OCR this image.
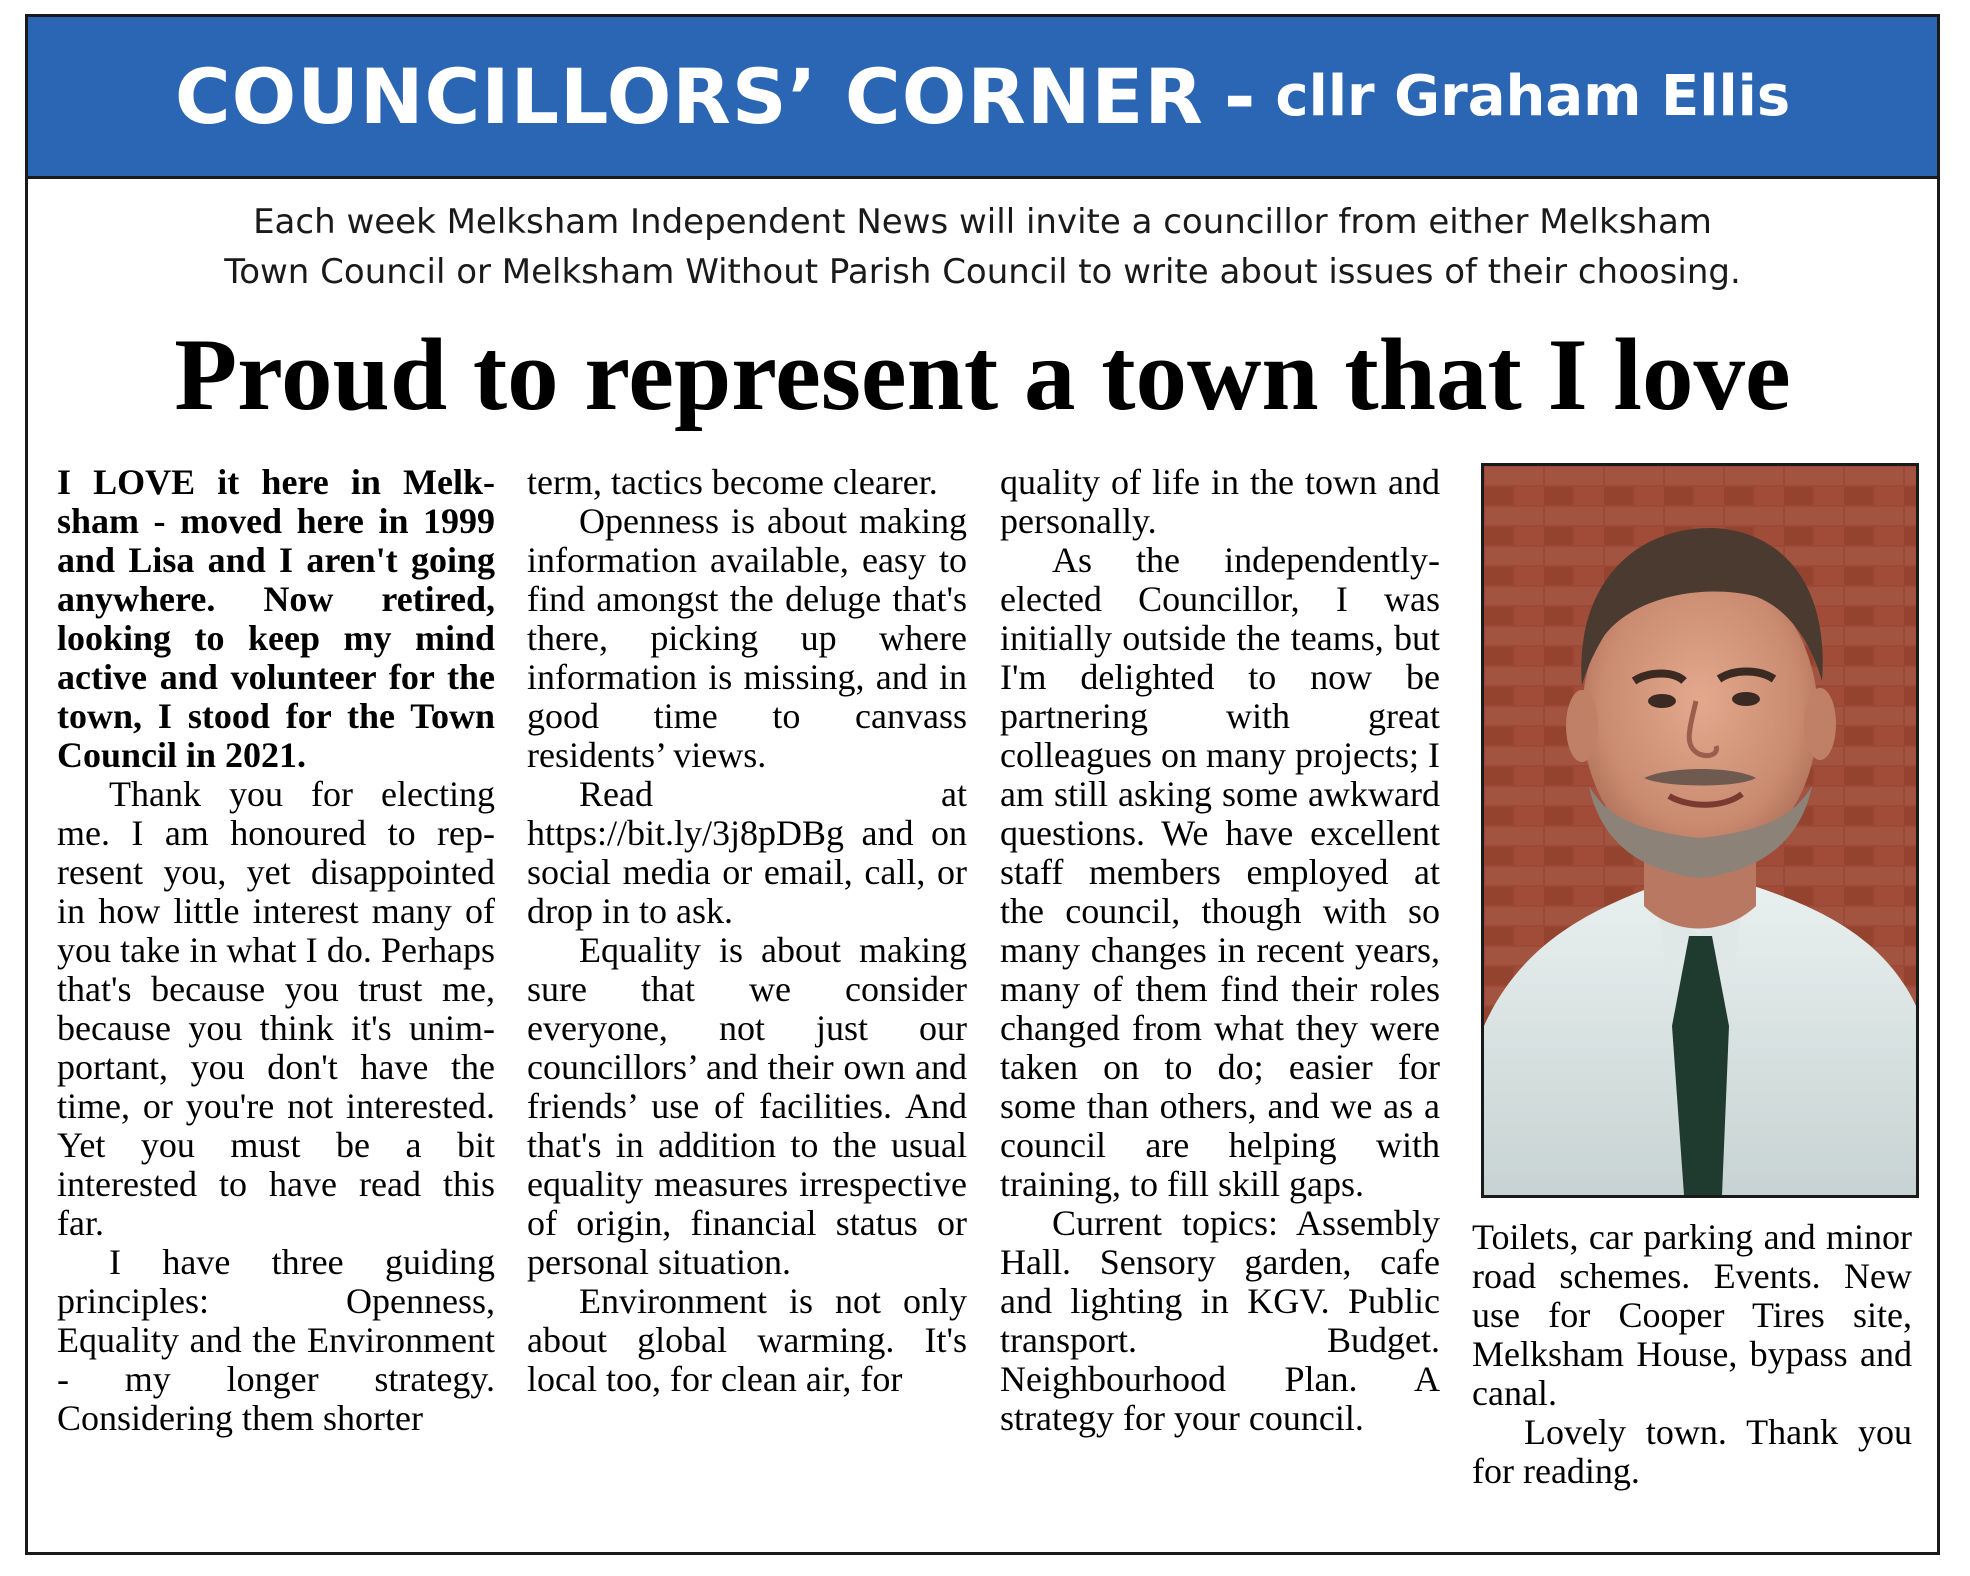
COUNCILLORS’ CORNER - cllr Graham Ellis
Each week Melksham Independent News will invite a councillor from either Melksham
Town Council or Melksham Without Parish Council to write about issues of their choosing.
Proud to represent a town that I love

I LOVE it here in Melksham - moved here in 1999 and Lisa and I aren't going anywhere. Now retired, looking to keep my mind active and volunteer for the town, I stood for the Town Council in 2021.

Thank you for electing me. I am honoured to represent you, yet disappointed in how little interest many of you take in what I do. Perhaps that's because you trust me, because you think it's unimportant, you don't have the time, or you're not interested. Yet you must be a bit interested to have read this far.

I have three guiding principles: Openness, Equality and the Environment - my longer strategy. Considering them shorter

term, tactics become clearer.

Openness is about making information available, easy to find amongst the deluge that's there, picking up where information is missing, and in good time to canvass residents’ views.

Read at https://bit.ly/3j8pDBg and on social media or email, call, or drop in to ask.

Equality is about making sure that we consider everyone, not just our councillors’ and their own and friends’ use of facilities. And that's in addition to the usual equality measures irrespective of origin, financial status or personal situation.

Environment is not only about global warming. It's local too, for clean air, for

quality of life in the town and personally.

As the independently-elected Councillor, I was initially outside the teams, but I'm delighted to now be partnering with great colleagues on many projects; I am still asking some awkward questions. We have excellent staff members employed at the council, though with so many changes in recent years, many of them find their roles changed from what they were taken on to do; easier for some than others, and we as a council are helping with training, to fill skill gaps.

Current topics: Assembly Hall. Sensory garden, cafe and lighting in KGV. Public transport. Budget. Neighbourhood Plan. A strategy for your council.

Toilets, car parking and minor road schemes. Events. New use for Cooper Tires site, Melksham House, bypass and canal.

Lovely town. Thank you for reading.
